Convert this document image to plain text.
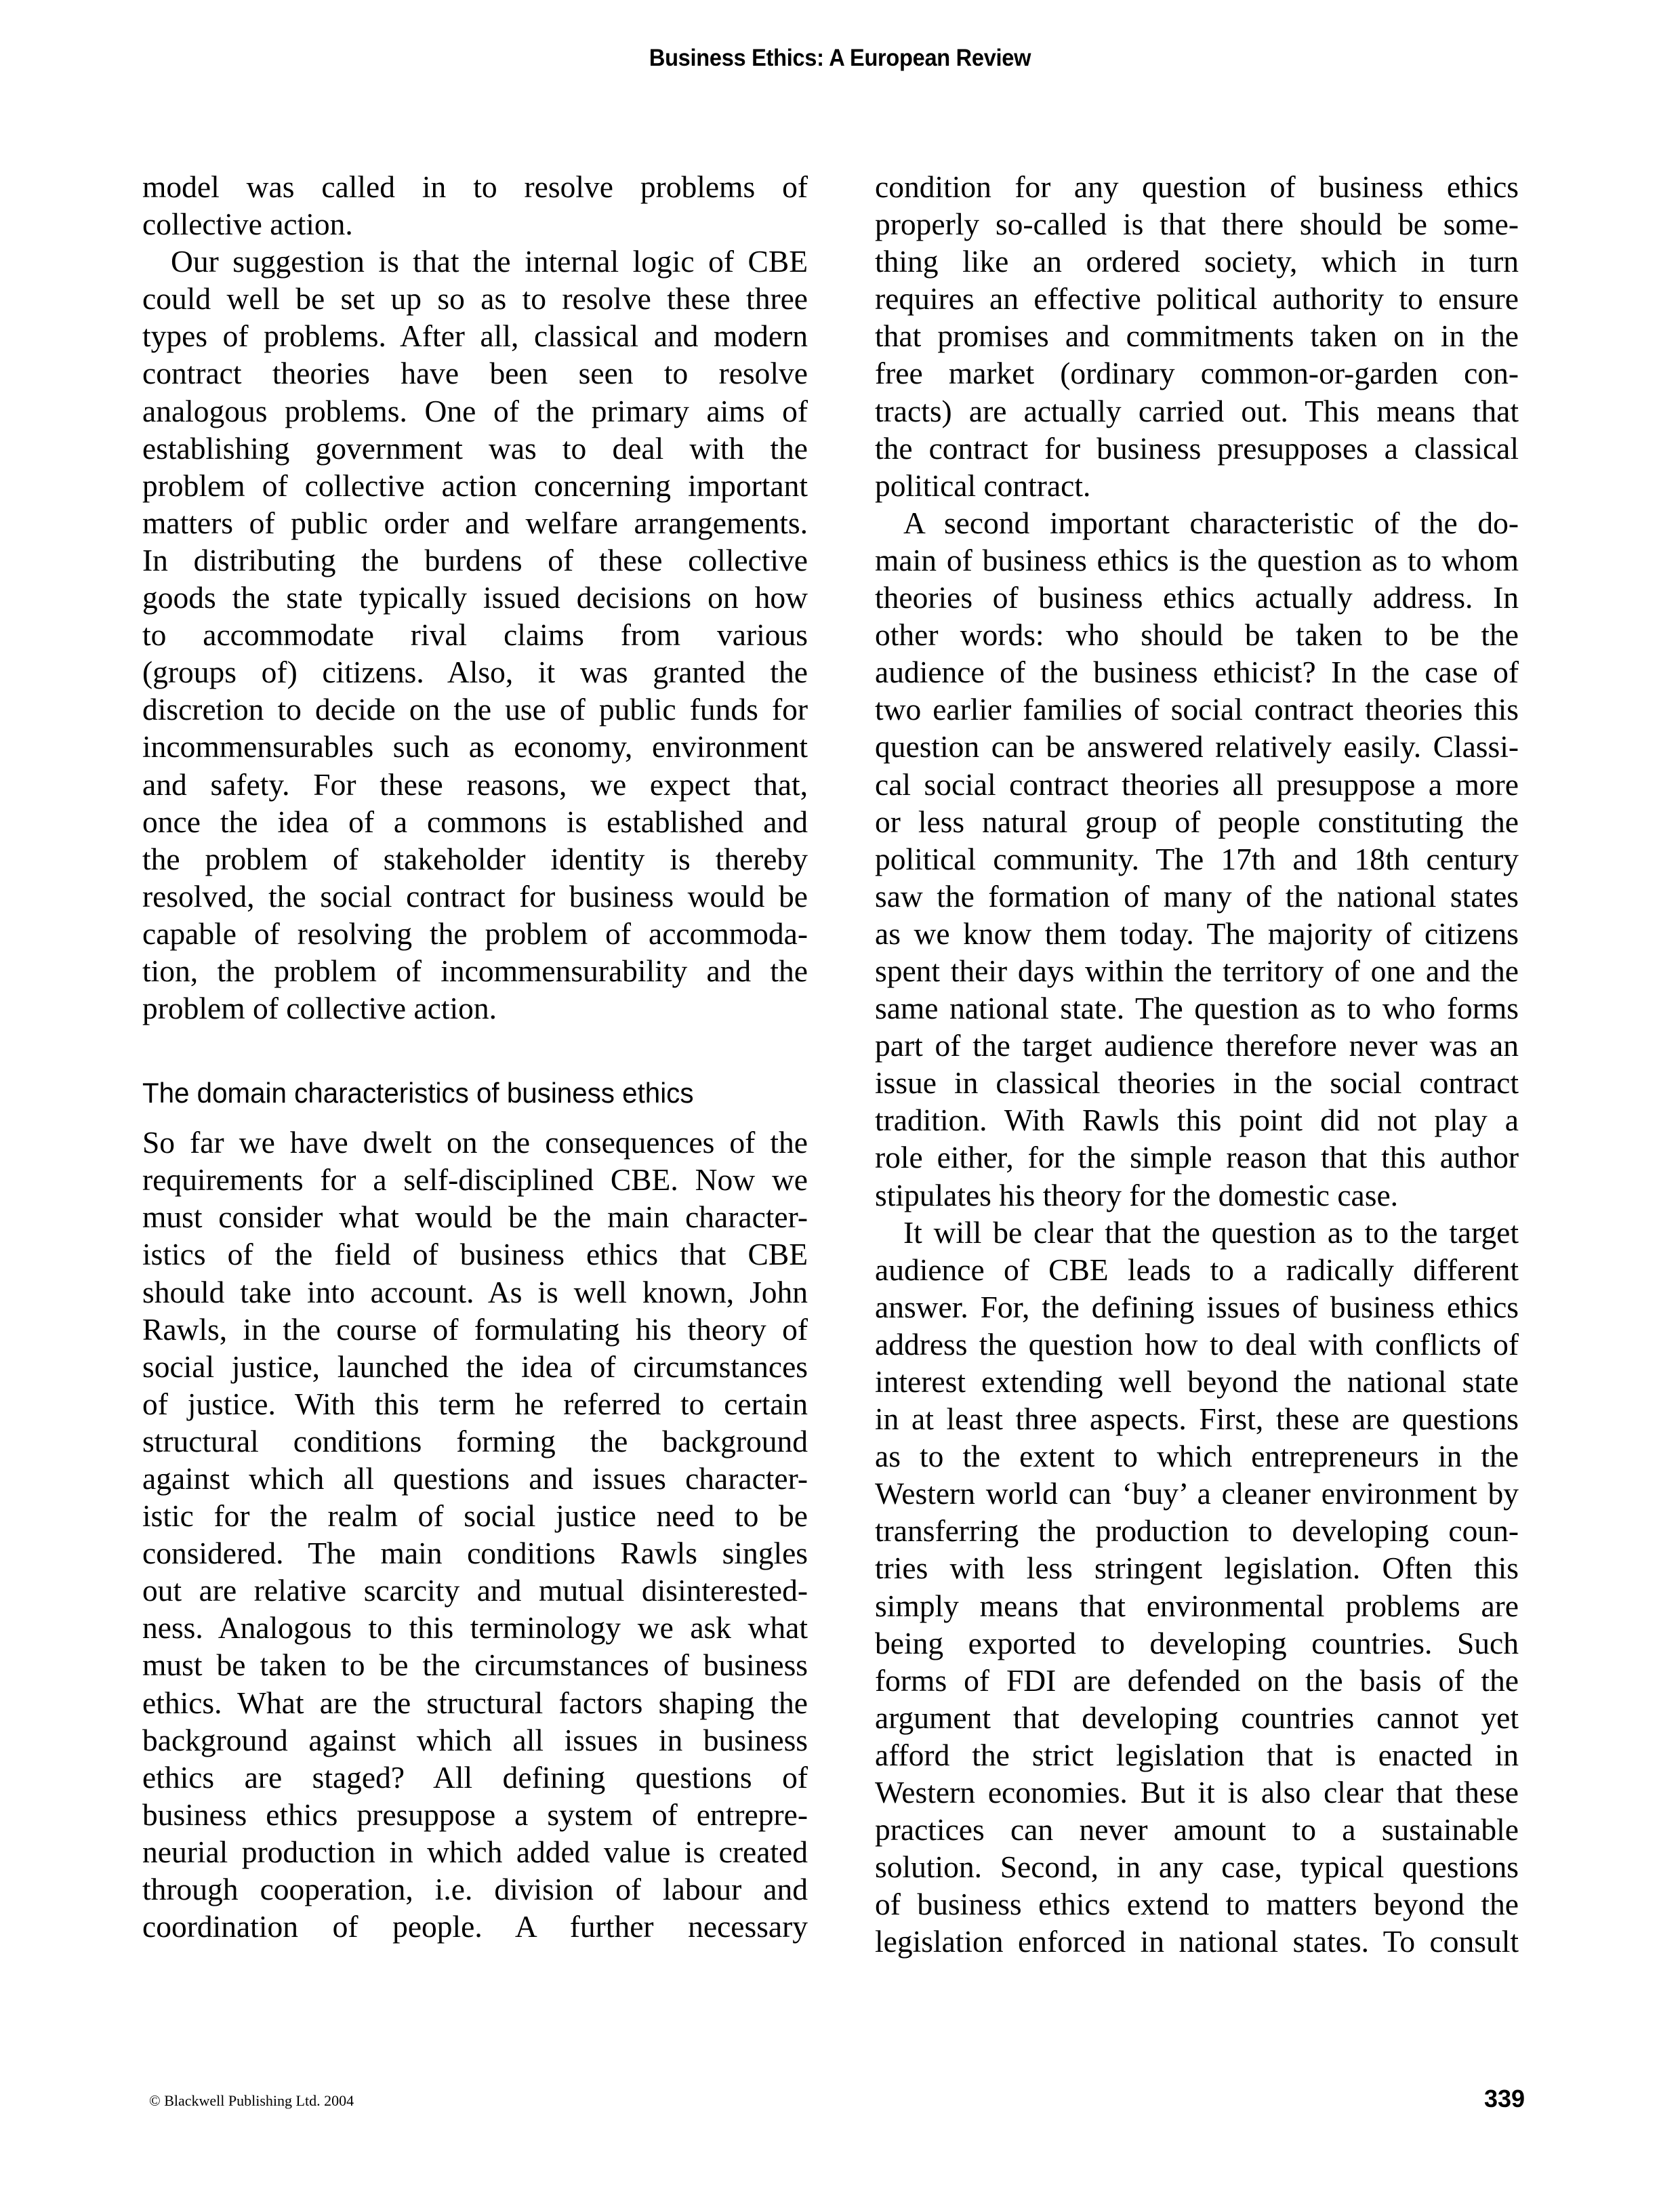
Business Ethics: A European Review

model was called in to resolve problems of
collective action.

Our suggestion is that the internal logic of CBE
could well be set up so as to resolve these three
types of problems. After all, classical and modern
contract theories have been seen to resolve
analogous problems. One of the primary aims of
establishing government was to deal with the
problem of collective action concerning important
matters of public order and welfare arrangements.
In distributing the burdens of these collective
goods the state typically issued decisions on how
to accommodate rival claims from various
(groups of) citizens. Also, it was granted the
discretion to decide on the use of public funds for
incommensurables such as economy, environment
and safety. For these reasons, we expect that,
once the idea of a commons is established and
the problem of stakeholder identity is thereby
resolved, the social contract for business would be
capable of resolving the problem of accommoda-
tion, the problem of incommensurability and the
problem of collective action.

The domain characteristics of business ethics

So far we have dwelt on the consequences of the
requirements for a self-disciplined CBE. Now we
must consider what would be the main character-
istics of the field of business ethics that CBE
should take into account. As is well known, John
Rawls, in the course of formulating his theory of
social justice, launched the idea of circumstances
of justice. With this term he referred to certain
structural conditions forming the background
against which all questions and issues character-
istic for the realm of social justice need to be
considered. The main conditions Rawls singles
out are relative scarcity and mutual disinterested-
ness. Analogous to this terminology we ask what
must be taken to be the circumstances of business
ethics. What are the structural factors shaping the
background against which all issues in business
ethics are staged? All defining questions of
business ethics presuppose a system of entrepre-
neurial production in which added value is created
through cooperation, i.e. division of labour and
coordination of people. A further necessary

condition for any question of business ethics
properly so-called is that there should be some-
thing like an ordered society, which in turn
requires an effective political authority to ensure
that promises and commitments taken on in the
free market (ordinary common-or-garden con-
tracts) are actually carried out. This means that
the contract for business presupposes a classical
political contract.

A second important characteristic of the do-
main of business ethics is the question as to whom
theories of business ethics actually address. In
other words: who should be taken to be the
audience of the business ethicist? In the case of
two earlier families of social contract theories this
question can be answered relatively easily. Classi-
cal social contract theories all presuppose a more
or less natural group of people constituting the
political community. The 17th and 18th century
saw the formation of many of the national states
as we know them today. The majority of citizens
spent their days within the territory of one and the
same national state. The question as to who forms
part of the target audience therefore never was an
issue in classical theories in the social contract
tradition. With Rawls this point did not play a
role either, for the simple reason that this author
stipulates his theory for the domestic case.

It will be clear that the question as to the target
audience of CBE leads to a radically different
answer. For, the defining issues of business ethics
address the question how to deal with conflicts of
interest extending well beyond the national state
in at least three aspects. First, these are questions
as to the extent to which entrepreneurs in the
Western world can ‘buy’ a cleaner environment by
transferring the production to developing coun-
tries with less stringent legislation. Often this
simply means that environmental problems are
being exported to developing countries. Such
forms of FDI are defended on the basis of the
argument that developing countries cannot yet
afford the strict legislation that is enacted in
Western economies. But it is also clear that these
practices can never amount to a sustainable
solution. Second, in any case, typical questions
of business ethics extend to matters beyond the
legislation enforced in national states. To consult

© Blackwell Publishing Ltd. 2004	339
